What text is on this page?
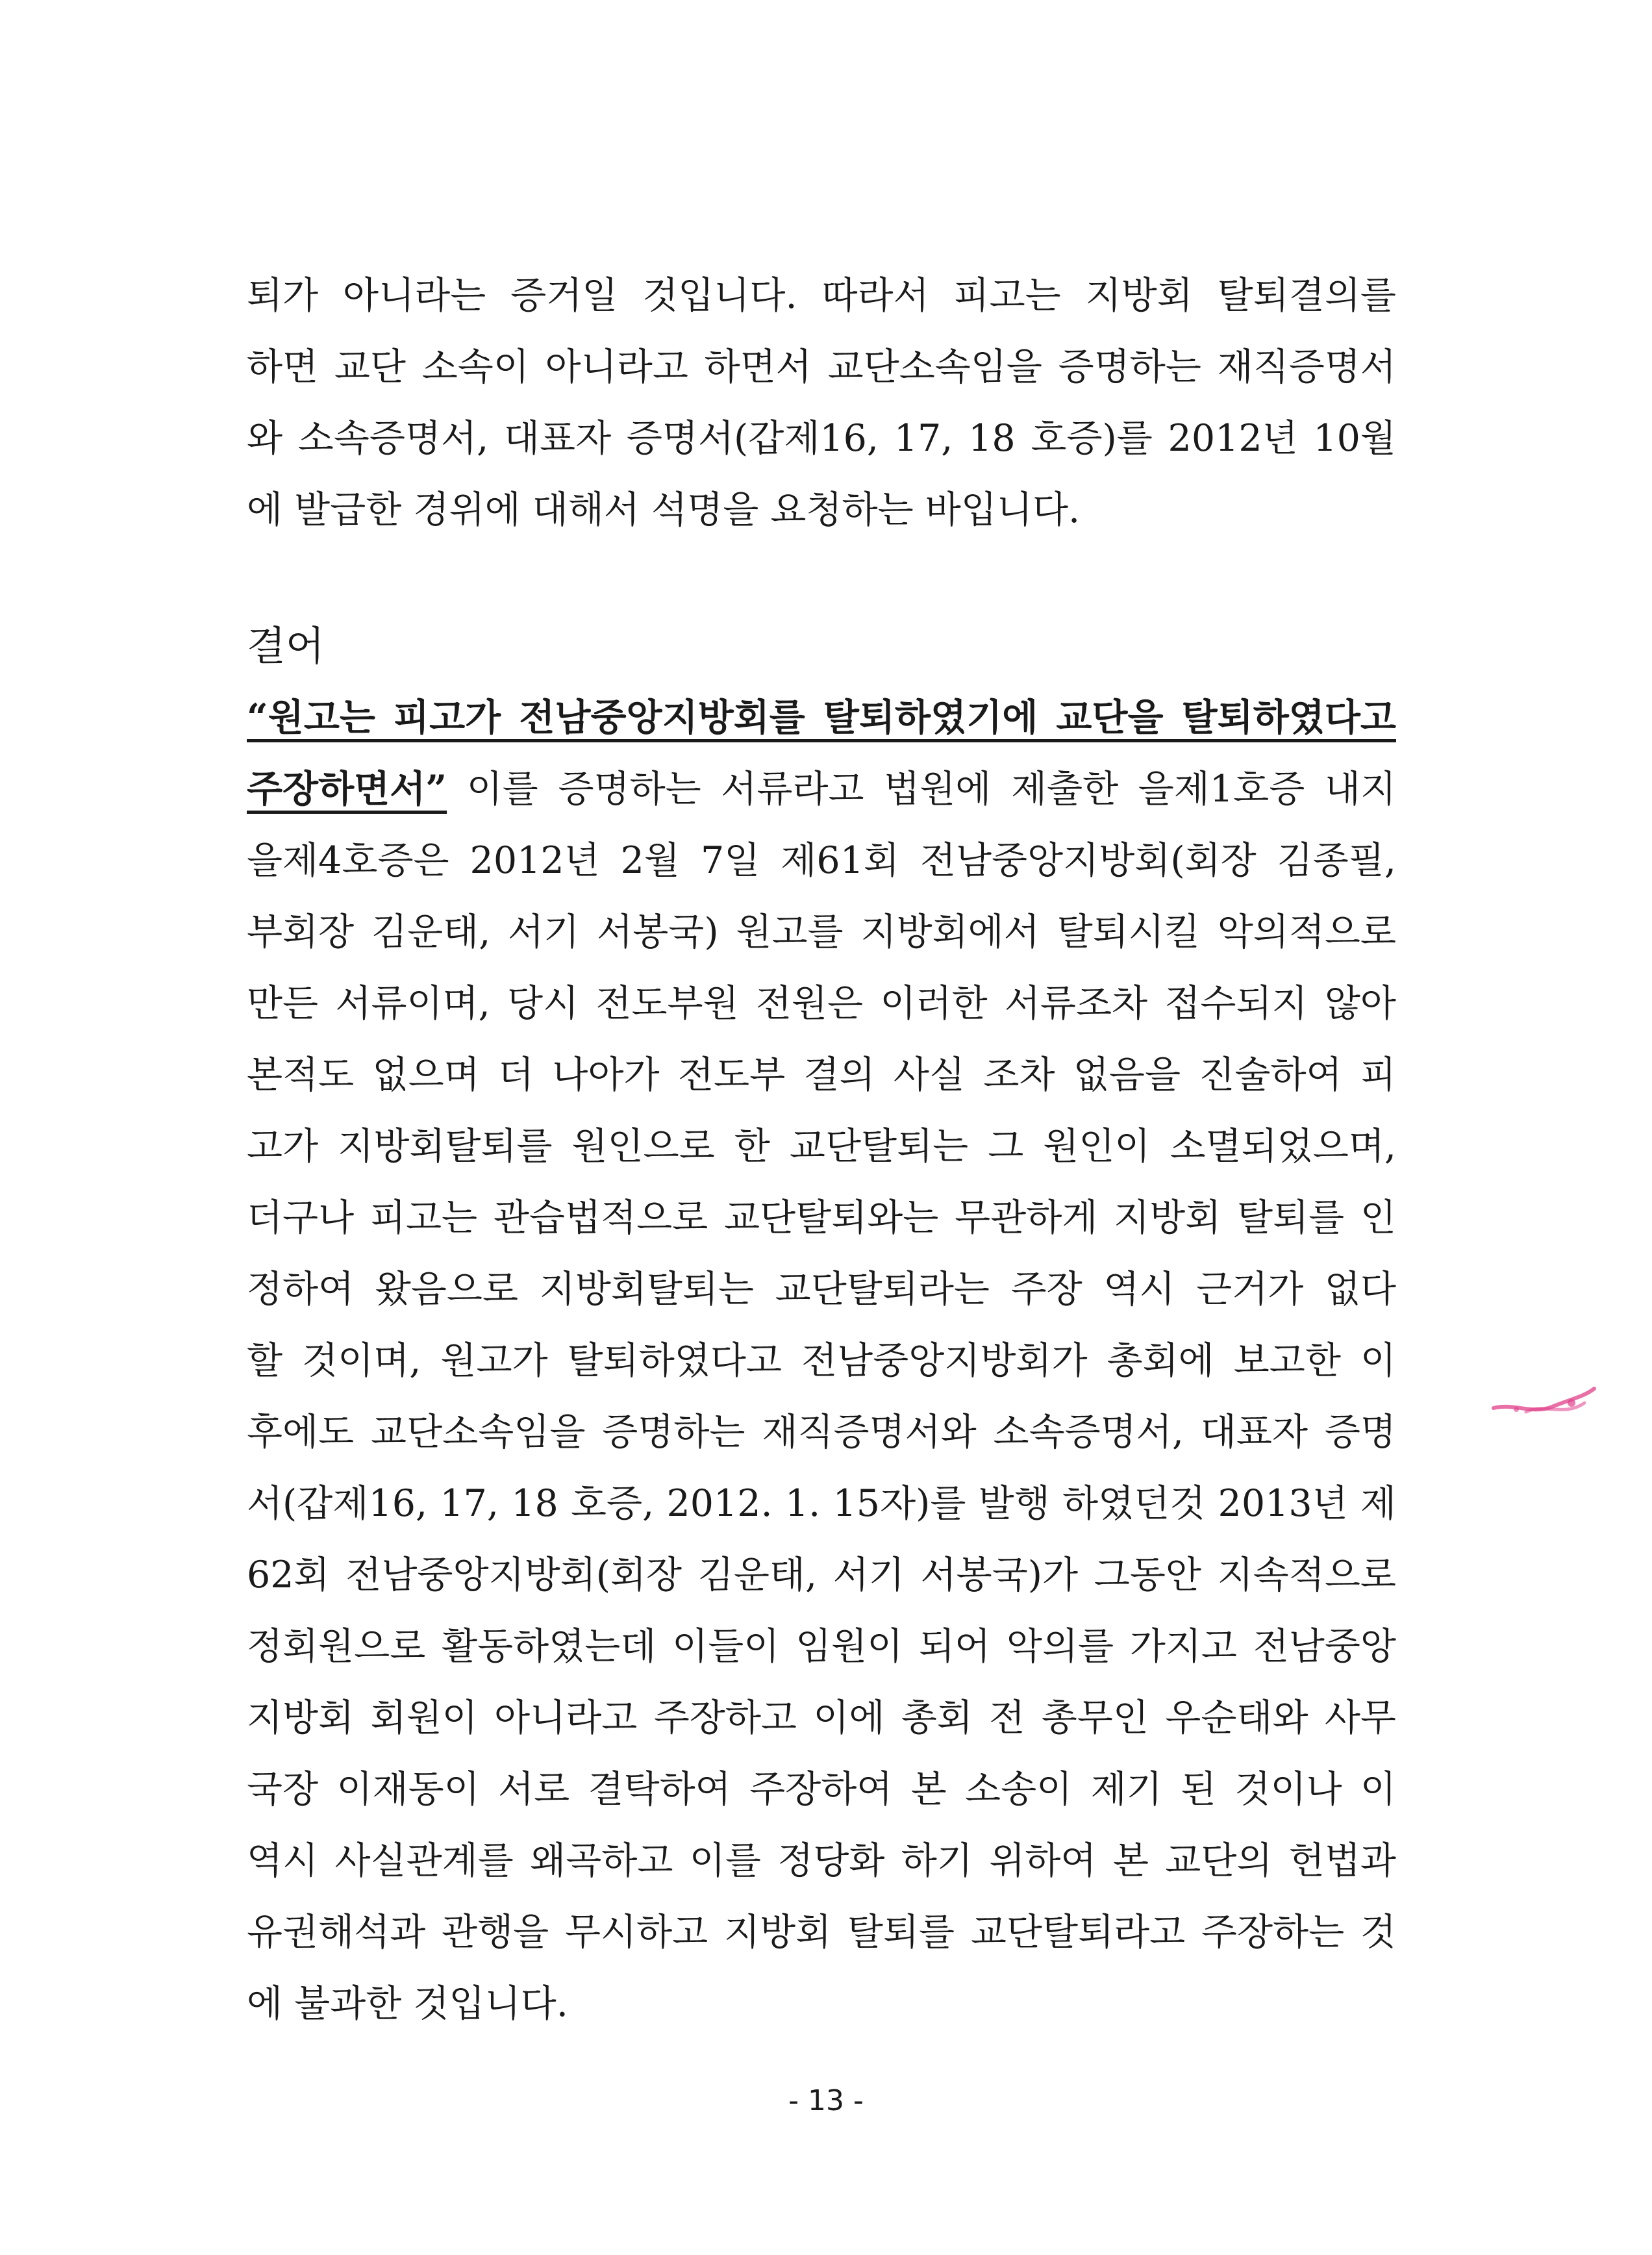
퇴가 아니라는 증거일 것입니다. 따라서 피고는 지방회 탈퇴결의를
하면 교단 소속이 아니라고 하면서 교단소속임을 증명하는 재직증명서
와 소속증명서, 대표자 증명서(갑제16, 17, 18 호증)를 2012년 10월
에 발급한 경위에 대해서 석명을 요청하는 바입니다.
결어
“원고는 피고가 전남중앙지방회를 탈퇴하였기에 교단을 탈퇴하였다고
주장하면서” 이를 증명하는 서류라고 법원에 제출한 을제1호증 내지
을제4호증은 2012년 2월 7일 제61회 전남중앙지방회(회장 김종필,
부회장 김운태, 서기 서봉국) 원고를 지방회에서 탈퇴시킬 악의적으로
만든 서류이며, 당시 전도부원 전원은 이러한 서류조차 접수되지 않아
본적도 없으며 더 나아가 전도부 결의 사실 조차 없음을 진술하여 피
고가 지방회탈퇴를 원인으로 한 교단탈퇴는 그 원인이 소멸되었으며,
더구나 피고는 관습법적으로 교단탈퇴와는 무관하게 지방회 탈퇴를 인
정하여 왔음으로 지방회탈퇴는 교단탈퇴라는 주장 역시 근거가 없다
할 것이며, 원고가 탈퇴하였다고 전남중앙지방회가 총회에 보고한 이
후에도 교단소속임을 증명하는 재직증명서와 소속증명서, 대표자 증명
서(갑제16, 17, 18 호증, 2012. 1. 15자)를 발행 하였던것 2013년 제
62회 전남중앙지방회(회장 김운태, 서기 서봉국)가 그동안 지속적으로
정회원으로 활동하였는데 이들이 임원이 되어 악의를 가지고 전남중앙
지방회 회원이 아니라고 주장하고 이에 총회 전 총무인 우순태와 사무
국장 이재동이 서로 결탁하여 주장하여 본 소송이 제기 된 것이나 이
역시 사실관계를 왜곡하고 이를 정당화 하기 위하여 본 교단의 헌법과
유권해석과 관행을 무시하고 지방회 탈퇴를 교단탈퇴라고 주장하는 것
에 불과한 것입니다.
- 13 -
